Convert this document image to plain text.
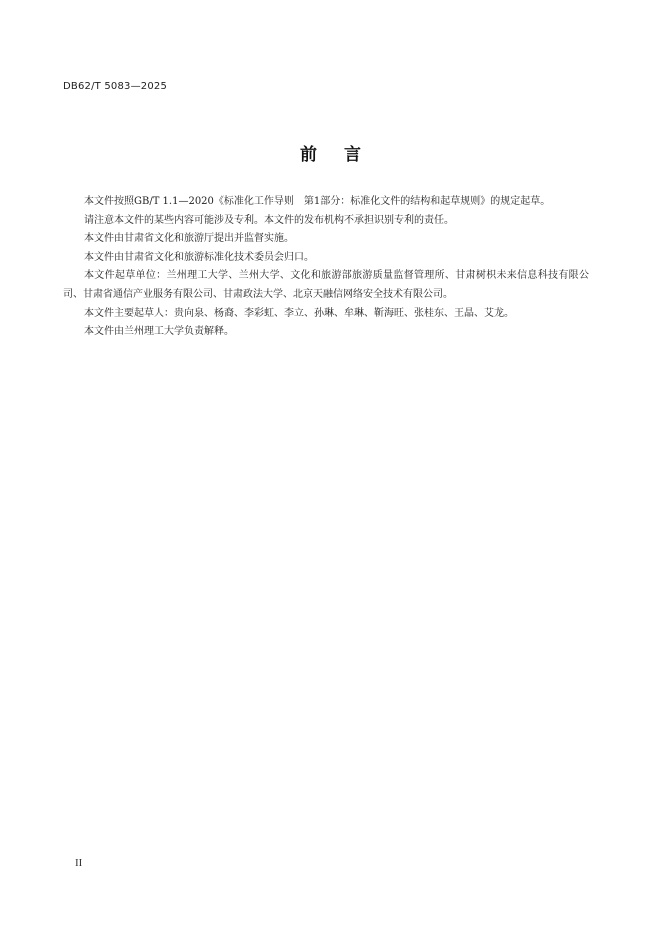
DB62/T 5083—2025
前 言

本文件按照GB/T 1.1—2020《标准化工作导则　第1部分：标准化文件的结构和起草规则》的规定起草。

请注意本文件的某些内容可能涉及专利。本文件的发布机构不承担识别专利的责任。

本文件由甘肃省文化和旅游厅提出并监督实施。

本文件由甘肃省文化和旅游标准化技术委员会归口。

本文件起草单位：兰州理工大学、兰州大学、文化和旅游部旅游质量监督管理所、甘肃树枳未来信息科技有限公司、甘肃省通信产业服务有限公司、甘肃政法大学、北京天融信网络安全技术有限公司。

本文件主要起草人：贵向泉、杨裔、李彩虹、李立、孙琳、牟琳、靳海旺、张桂东、王晶、艾龙。

本文件由兰州理工大学负责解释。

II
